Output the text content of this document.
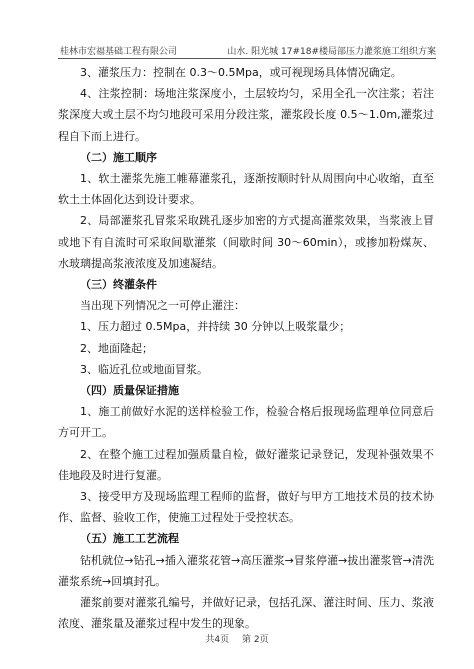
桂林市宏福基础工程有限公司	山水. 阳光城 17#18#楼局部压力灌浆施工组织方案

3、灌浆压力：控制在 0.3～0.5Mpa，或可视现场具体情况确定。

4、注浆控制：场地注浆深度小，土层较均匀，采用全孔一次注浆；若注浆深度大或土层不均匀地段可采用分段注浆，灌浆段长度 0.5～1.0m,灌浆过程自下而上进行。

（二）施工顺序

1、软土灌浆先施工帷幕灌浆孔，逐渐按顺时针从周围向中心收缩，直至软土土体固化达到设计要求。

2、局部灌浆孔冒浆采取跳孔逐步加密的方式提高灌浆效果，当浆液上冒或地下有自流时可采取间歇灌浆（间歇时间 30～60min），或掺加粉煤灰、水玻璃提高浆液浓度及加速凝结。

（三）终灌条件

当出现下列情况之一可停止灌注：

1、压力超过 0.5Mpa，并持续 30 分钟以上吸浆量少；

2、地面隆起；

3、临近孔位或地面冒浆。

（四）质量保证措施

1、施工前做好水泥的送样检验工作，检验合格后报现场监理单位同意后方可开工。

2、在整个施工过程加强质量自检，做好灌浆记录登记，发现补强效果不佳地段及时进行复灌。

3、接受甲方及现场监理工程师的监督，做好与甲方工地技术员的技术协作、监督、验收工作，使施工过程处于受控状态。

（五）施工工艺流程

钻机就位→钻孔→插入灌浆花管→高压灌浆→冒浆停灌→拔出灌浆管→清洗灌浆系统→回填封孔。

灌浆前要对灌浆孔编号，并做好记录，包括孔深、灌注时间、压力、浆液浓度、灌浆量及灌浆过程中发生的现象。

共4页 第 2页
